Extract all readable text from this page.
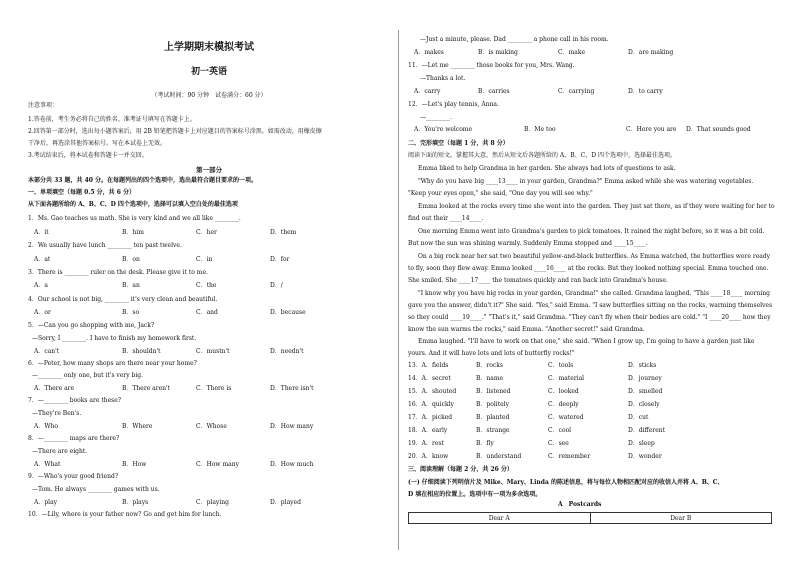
上学期期末模拟考试
初一英语
（考试时间：90 分钟　试卷满分：60 分）
注意事项：
1.答卷前，考生务必将自己的姓名、准考证号填写在答题卡上。
2.回答第一部分时，选出每小题答案后，用 2B 铅笔把答题卡上对应题目的答案标号涂黑。如需改动，用橡皮擦
干净后，再选涂其他答案标号。写在本试卷上无效。
3.考试结束后，将本试卷和答题卡一并交回。
第一部分
本部分共 33 题，共 40 分。在每题列出的四个选项中，选出最符合题目要求的一项。
一、单项填空（每题 0.5 分，共 6 分）
从下面各题所给的 A、B、C、D 四个选项中，选择可以填入空白处的最佳选项
1．Ms. Gao teaches us math. She is very kind and we all like ________.
A．it	B．him	C．her	D．them
2．We usually have lunch ________ ten past twelve.
A．at	B．on	C．in	D．for
3．There is ________ ruler on the desk. Please give it to me.
A．a	B．an	C．the	D．/
4．Our school is not big, ________ it's very clean and beautiful.
A．or	B．so	C．and	D．because
5．—Can you go shopping with me, Jack?
—Sorry, I ________. I have to finish my homework first.
A．can't	B．shouldn't	C．mustn't	D．needn't
6．—Peter, how many shops are there near your home?
—________ only one, but it's very big.
A．There are	B．There aren't	C．There is	D．There isn't
7．—________ books are these?
—They're Ben's.
A．Who	B．Where	C．Whose	D．How many
8．—________ maps are there?
—There are eight.
A．What	B．How	C．How many	D．How much
9．—Who's your good friend?
—Tom. He always ________ games with us.
A．play	B．plays	C．playing	D．played
10．—Lily, where is your father now? Go and get him for lunch.
—Just a minute, please. Dad ________ a phone call in his room.
A．makes	B．is making	C．make	D．are making
11．—Let me ________ those books for you, Mrs. Wang.
—Thanks a lot.
A．carry	B．carries	C．carrying	D．to carry
12．—Let's play tennis, Anna.
—________.
A．You're welcome	B．Me too	C．Here you are D．That sounds good
二、完形填空（每题 1 分，共 8 分）
阅读下面的短文，掌握其大意，然后从短文后各题所给的 A、B、C、D 四个选项中，选择最佳选项。
Emma liked to help Grandma in her garden. She always had lots of questions to ask.
"Why do you have big ____13____ in your garden, Grandma?" Emma asked while she was watering vegetables.
"Keep your eyes open," she said, "One day you will see why."
Emma looked at the rocks every time she went into the garden. They just sat there, as if they were waiting for her to
find out their ____14____.
One morning Emma went into Grandma's garden to pick tomatoes. It rained the night before, so it was a bit cold.
But now the sun was shining warmly. Suddenly Emma stopped and ____15____.
On a big rock near her sat two beautiful yellow-and-black butterflies. As Emma watched, the butterflies were ready
to fly, soon they flew away. Emma looked ____16____ at the rocks. But they looked nothing special. Emma touched one.
She smiled. She ____17____ the tomatoes quickly and ran back into Grandma's house.
"I know why you have big rocks in your garden, Grandma!" she called. Grandma laughed. "This ____18____ morning
gave you the answer, didn't it?" She said. "Yes," said Emma. "I saw butterflies sitting on the rocks, warming themselves
so they could ____19____." "That's it," said Grandma. "They can't fly when their bodies are cold." "I ____20____ how they
know the sun warms the rocks," said Emma. "Another secret!" said Grandma.
Emma laughed. "I'll have to work on that one," she said. "When I grow up, I'm going to have a garden just like
yours. And it will have lots and lots of butterfly rocks!"
13．A．fields	B．rocks	C．tools	D．sticks
14．A．secret	B．name	C．material	D．journey
15．A．shouted	B．listened	C．looked	D．smelled
16．A．quickly	B．politely	C．deeply	D．closely
17．A．picked	B．planted	C．watered	D．cut
18．A．early	B．strange	C．cool	D．different
19．A．rest	B．fly	C．see	D．sleep
20．A．know	B．understand	C．remember	D．wonder
三、阅读理解（每题 2 分，共 26 分）
(一) 仔细阅读下列明信片及 Mike、Mary、Linda 的陈述信息，将与每位人物相匹配对应的收信人并将 A、B、C、
D 填在相应的位置上。选项中有一项为多余选项。
A　Postcards
Dear A	Dear B
